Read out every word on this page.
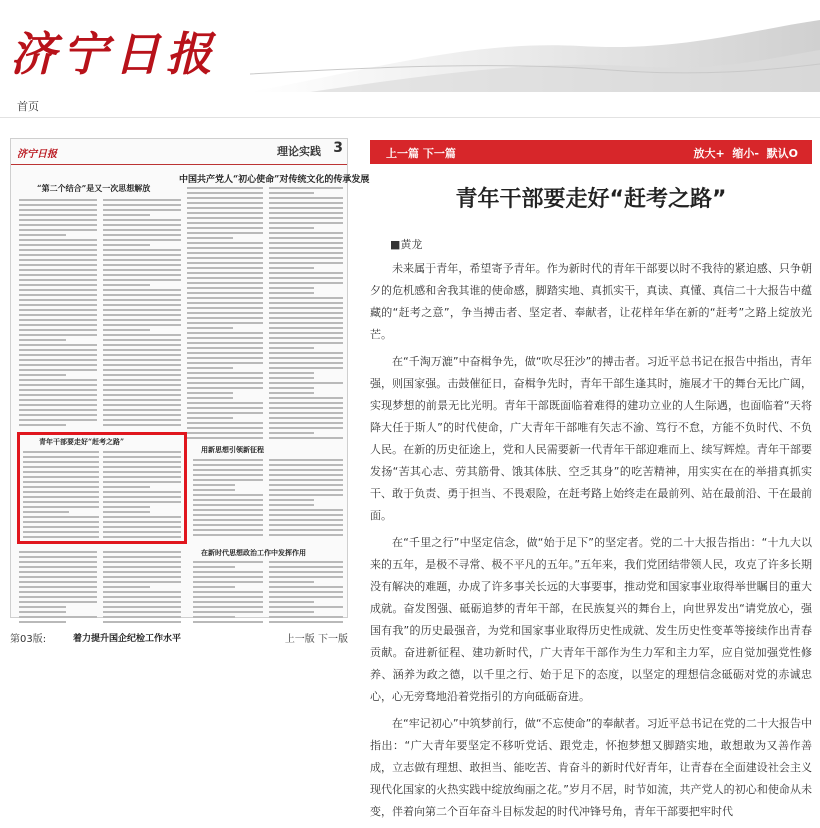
济宁日报
首页
济宁日报	理论实践 3
中国共产党人“初心使命”对传统文化的传承发展
“第二个结合”是又一次思想解放
青年干部要走好“赶考之路”
用新思想引领新征程
着力提升国企纪检工作水平
在新时代思想政治工作中发挥作用
第03版:	上一版 下一版
上一篇 下一篇	放大+ 缩小- 默认O
青年干部要走好“赶考之路”
■黄龙

未来属于青年，希望寄予青年。作为新时代的青年干部要以时不我待的紧迫感、只争朝夕的危机感和舍我其谁的使命感，脚踏实地、真抓实干，真读、真懂、真信二十大报告中蕴藏的“赶考之意”，争当搏击者、坚定者、奉献者，让花样年华在新的“赶考”之路上绽放光芒。

在“千淘万漉”中奋楫争先，做“吹尽狂沙”的搏击者。习近平总书记在报告中指出，青年强，则国家强。击鼓催征日，奋楫争先时，青年干部生逢其时，施展才干的舞台无比广阔，实现梦想的前景无比光明。青年干部既面临着难得的建功立业的人生际遇，也面临着“天将降大任于斯人”的时代使命，广大青年干部唯有矢志不渝、笃行不怠，方能不负时代、不负人民。在新的历史征途上，党和人民需要新一代青年干部迎难而上、续写辉煌。青年干部要发扬“苦其心志、劳其筋骨、饿其体肤、空乏其身”的吃苦精神，用实实在在的举措真抓实干、敢于负责、勇于担当、不畏艰险，在赶考路上始终走在最前列、站在最前沿、干在最前面。

在“千里之行”中坚定信念，做“始于足下”的坚定者。党的二十大报告指出：“十九大以来的五年，是极不寻常、极不平凡的五年。”五年来，我们党团结带领人民，攻克了许多长期没有解决的难题，办成了许多事关长远的大事要事，推动党和国家事业取得举世瞩目的重大成就。奋发图强、砥砺追梦的青年干部，在民族复兴的舞台上，向世界发出“请党放心，强国有我”的历史最强音，为党和国家事业取得历史性成就、发生历史性变革等接续作出青春贡献。奋进新征程、建功新时代，广大青年干部作为生力军和主力军，应自觉加强党性修养、涵养为政之德，以千里之行、始于足下的态度，以坚定的理想信念砥砺对党的赤诚忠心，心无旁骛地沿着党指引的方向砥砺奋进。

在“牢记初心”中筑梦前行，做“不忘使命”的奉献者。习近平总书记在党的二十大报告中指出：“广大青年要坚定不移听党话、跟党走，怀抱梦想又脚踏实地，敢想敢为又善作善成，立志做有理想、敢担当、能吃苦、肯奋斗的新时代好青年，让青春在全面建设社会主义现代化国家的火热实践中绽放绚丽之花。”岁月不居，时节如流，共产党人的初心和使命从未变，伴着向第二个百年奋斗目标发起的时代冲锋号角，青年干部要把牢时代
